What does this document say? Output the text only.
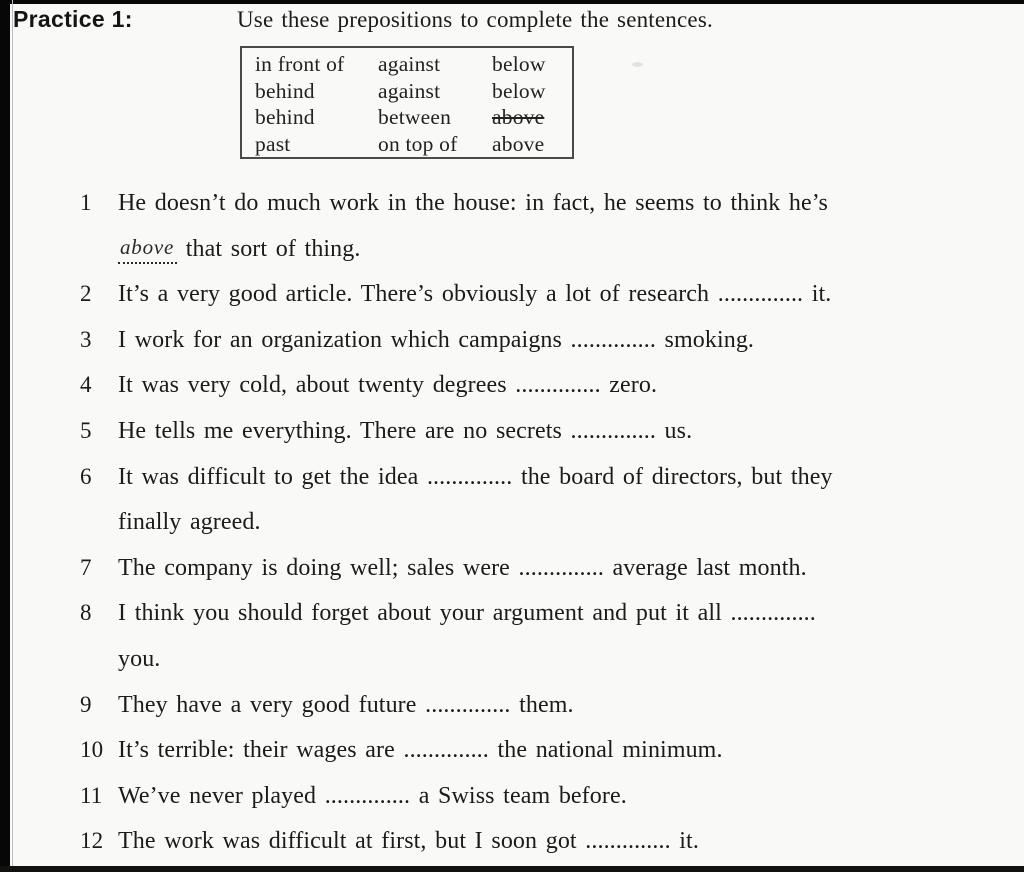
Practice 1:	Use these prepositions to complete the sentences.
in front of	against	below
behind	against	below
behind	between	above
past	on top of	above
1	He doesn’t do much work in the house: in fact, he seems to think he’s
above that sort of thing.
2	It’s a very good article. There’s obviously a lot of research .............. it.
3	I work for an organization which campaigns .............. smoking.
4	It was very cold, about twenty degrees .............. zero.
5	He tells me everything. There are no secrets .............. us.
6	It was difficult to get the idea .............. the board of directors, but they
finally agreed.
7	The company is doing well; sales were .............. average last month.
8	I think you should forget about your argument and put it all ..............
you.
9	They have a very good future .............. them.
10 It’s terrible: their wages are .............. the national minimum.
11 We’ve never played .............. a Swiss team before.
12 The work was difficult at first, but I soon got .............. it.
